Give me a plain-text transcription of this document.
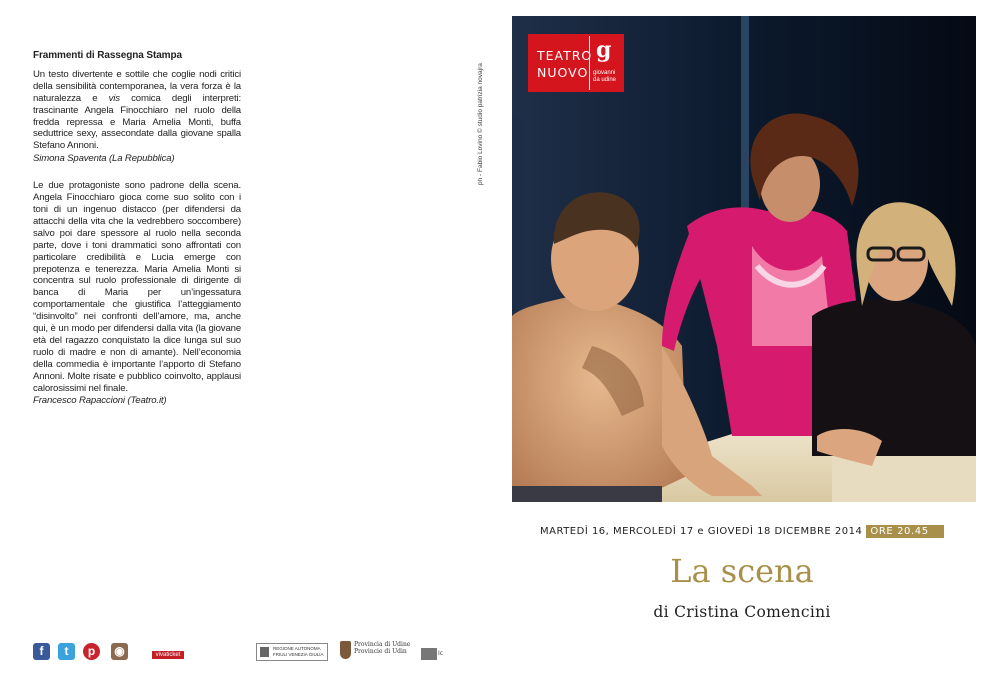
Frammenti di Rassegna Stampa

Un testo divertente e sottile che coglie nodi critici della sensibilità contemporanea, la vera forza è la naturalezza e vis comica degli interpreti: trascinante Angela Finocchiaro nel ruolo della fredda repressa e Maria Amelia Monti, buffa seduttrice sexy, assecondate dalla giovane spalla Stefano Annoni.

Simona Spaventa (La Repubblica)

Le due protagoniste sono padrone della scena. Angela Finocchiaro gioca come suo solito con i toni di un ingenuo distacco (per difendersi da attacchi della vita che la vedrebbero soccombere) salvo poi dare spessore al ruolo nella seconda parte, dove i toni drammatici sono affrontati con particolare credibilità e Lucia emerge con prepotenza e tenerezza. Maria Amelia Monti si concentra sul ruolo professionale di dirigente di banca di Maria per un’ingessatura comportamentale che giustifica l’atteggiamento “disinvolto” nei confronti dell’amore, ma, anche qui, è un modo per difendersi dalla vita (la giovane età del ragazzo conquistato la dice lunga sul suo ruolo di madre e non di amante). Nell’economia della commedia è importante l’apporto di Stefano Annoni. Molte risate e pubblico coinvolto, applausi calorosissimi nel finale.

Francesco Rapaccioni (Teatro.it)

ph - Fabio Lovino © studio patrizia novajra
TEATRO
NUOVO
g
giovanni
da udine
MARTEDÌ 16, MERCOLEDÌ 17 e GIOVEDÌ 18 DICEMBRE 2014 ORE 20.45
La scena
di Cristina Comencini
f	t	p	◉	vivaticket
REGIONE AUTONOMA
FRIULI VENEZIA GIULIA
Provincia di Udine
Provincie di Udin	Ic
